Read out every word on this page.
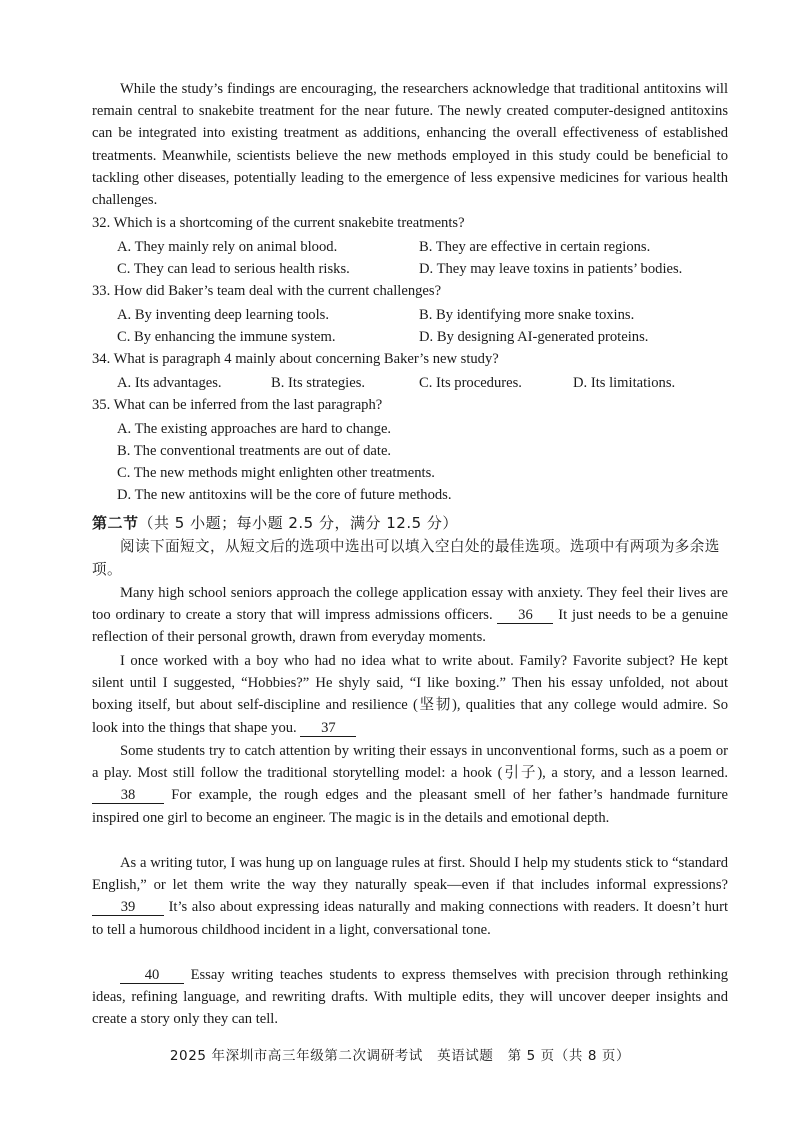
While the study’s findings are encouraging, the researchers acknowledge that traditional antitoxins will remain central to snakebite treatment for the near future. The newly created computer-designed antitoxins can be integrated into existing treatment as additions, enhancing the overall effectiveness of established treatments. Meanwhile, scientists believe the new methods employed in this study could be beneficial to tackling other diseases, potentially leading to the emergence of less expensive medicines for various health challenges.

32. Which is a shortcoming of the current snakebite treatments?
A. They mainly rely on animal blood.	B. They are effective in certain regions.
C. They can lead to serious health risks.	D. They may leave toxins in patients’ bodies.
33. How did Baker’s team deal with the current challenges?
A. By inventing deep learning tools.	B. By identifying more snake toxins.
C. By enhancing the immune system.	D. By designing AI-generated proteins.
34. What is paragraph 4 mainly about concerning Baker’s new study?
A. Its advantages.	B. Its strategies.	C. Its procedures.	D. Its limitations.
35. What can be inferred from the last paragraph?
A. The existing approaches are hard to change.
B. The conventional treatments are out of date.
C. The new methods might enlighten other treatments.
D. The new antitoxins will be the core of future methods.
第二节（共 5 小题；每小题 2.5 分，满分 12.5 分）

阅读下面短文，从短文后的选项中选出可以填入空白处的最佳选项。选项中有两项为多余选项。

Many high school seniors approach the college application essay with anxiety. They feel their lives are too ordinary to create a story that will impress admissions officers. 36 It just needs to be a genuine reflection of their personal growth, drawn from everyday moments.

I once worked with a boy who had no idea what to write about. Family? Favorite subject? He kept silent until I suggested, “Hobbies?” He shyly said, “I like boxing.” Then his essay unfolded, not about boxing itself, but about self-discipline and resilience (坚韧), qualities that any college would admire. So look into the things that shape you. 37

Some students try to catch attention by writing their essays in unconventional forms, such as a poem or a play. Most still follow the traditional storytelling model: a hook (引子), a story, and a lesson learned. 38 For example, the rough edges and the pleasant smell of her father’s handmade furniture inspired one girl to become an engineer. The magic is in the details and emotional depth.

As a writing tutor, I was hung up on language rules at first. Should I help my students stick to “standard English,” or let them write the way they naturally speak—even if that includes informal expressions? 39 It’s also about expressing ideas naturally and making connections with readers. It doesn’t hurt to tell a humorous childhood incident in a light, conversational tone.

40 Essay writing teaches students to express themselves with precision through rethinking ideas, refining language, and rewriting drafts. With multiple edits, they will uncover deeper insights and create a story only they can tell.

2025 年深圳市高三年级第二次调研考试　英语试题　第 5 页（共 8 页）
